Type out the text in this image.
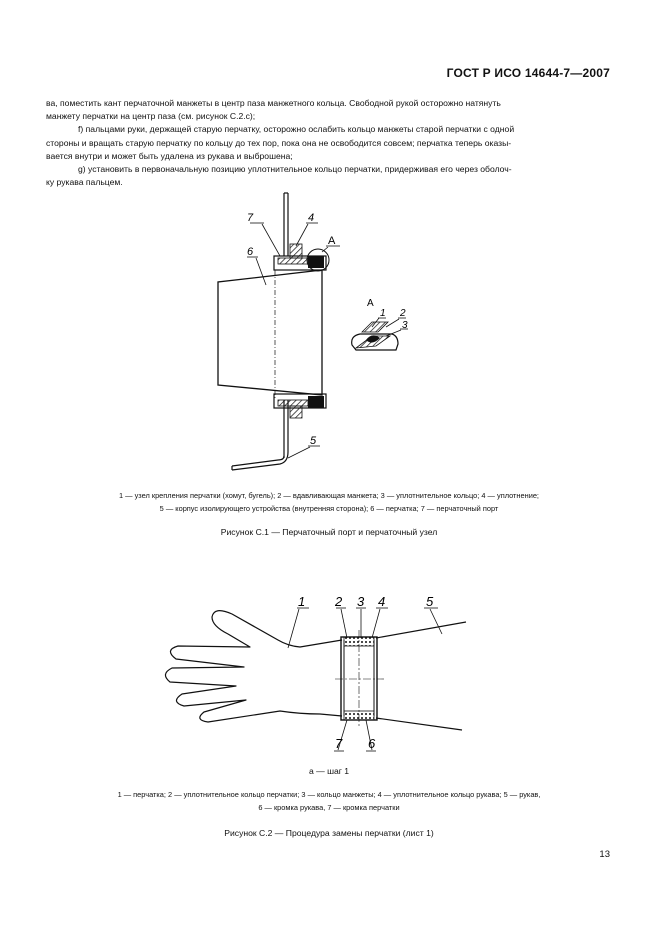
ГОСТ Р ИСО 14644-7—2007

ва, поместить кант перчаточной манжеты в центр паза манжетного кольца. Свободной рукой осторожно натянуть

манжету перчатки на центр паза (см. рисунок С.2.с);

f) пальцами руки, держащей старую перчатку, осторожно ослабить кольцо манжеты старой перчатки с одной

стороны и вращать старую перчатку по кольцу до тех пор, пока она не освободится совсем; перчатка теперь оказы-

вается внутри и может быть удалена из рукава и выброшена;

g) установить в первоначальную позицию уплотнительное кольцо перчатки, придерживая его через оболоч-

ку рукава пальцем.

7	4
6
A
5
A
1 2
3
1 — узел крепления перчатки (хомут, бугель); 2 — вдавливающая манжета; 3 — уплотнительное кольцо; 4 — уплотнение;
5 — корпус изолирующего устройства (внутренняя сторона); 6 — перчатка; 7 — перчаточный порт
Рисунок С.1 — Перчаточный порт и перчаточный узел
1 2 3 4	5
6
7
a — шаг 1
1 — перчатка; 2 — уплотнительное кольцо перчатки; 3 — кольцо манжеты; 4 — уплотнительное кольцо рукава; 5 — рукав,
6 — кромка рукава, 7 — кромка перчатки
Рисунок С.2 — Процедура замены перчатки (лист 1)
13
